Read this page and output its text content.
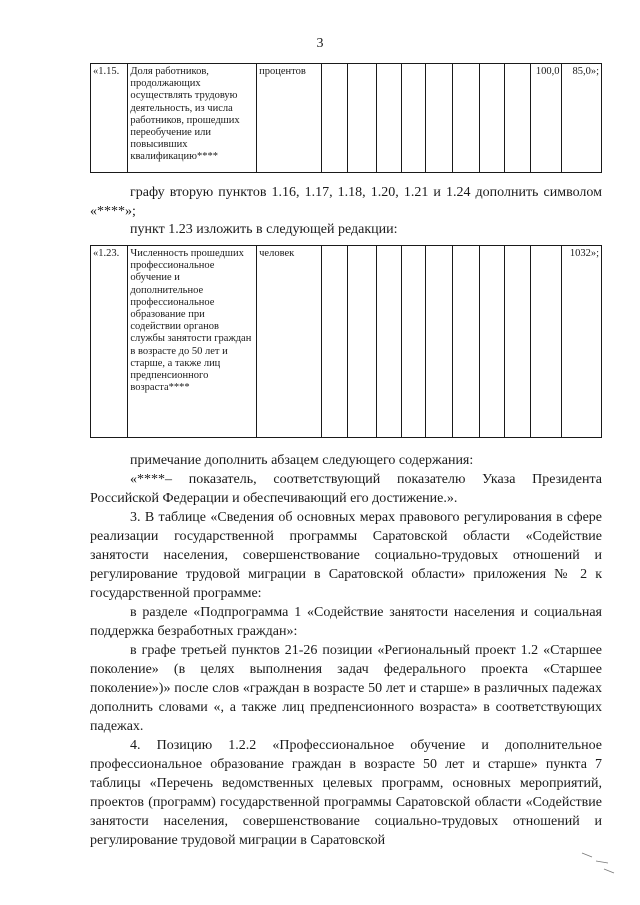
3
«1.15.	Доля работников, продолжающих осуществлять трудовую деятельность, из числа работников, прошедших переобучение или повысивших квалификацию****	процентов									100,0	85,0»;

графу вторую пунктов 1.16, 1.17, 1.18, 1.20, 1.21 и 1.24 дополнить символом «****»;

пункт 1.23 изложить в следующей редакции:

«1.23.	Численность прошедших профессиональное обучение и дополнительное профессиональное образование при содействии органов службы занятости граждан в возрасте до 50 лет и старше, а также лиц предпенсионного возраста****	человек										1032»;

примечание дополнить абзацем следующего содержания:

«****– показатель, соответствующий показателю Указа Президента Российской Федерации и обеспечивающий его достижение.».

3. В таблице «Сведения об основных мерах правового регулирования в сфере реализации государственной программы Саратовской области «Содействие занятости населения, совершенствование социально-трудовых отношений и регулирование трудовой миграции в Саратовской области» приложения № 2 к государственной программе:

в разделе «Подпрограмма 1 «Содействие занятости населения и социальная поддержка безработных граждан»:

в графе третьей пунктов 21-26 позиции «Региональный проект 1.2 «Старшее поколение» (в целях выполнения задач федерального проекта «Старшее поколение»)» после слов «граждан в возрасте 50 лет и старше» в различных падежах дополнить словами «, а также лиц предпенсионного возраста» в соответствующих падежах.

4. Позицию 1.2.2 «Профессиональное обучение и дополнительное профессиональное образование граждан в возрасте 50 лет и старше» пункта 7 таблицы «Перечень ведомственных целевых программ, основных мероприятий, проектов (программ) государственной программы Саратовской области «Содействие занятости населения, совершенствование социально-трудовых отношений и регулирование трудовой миграции в Саратовской
